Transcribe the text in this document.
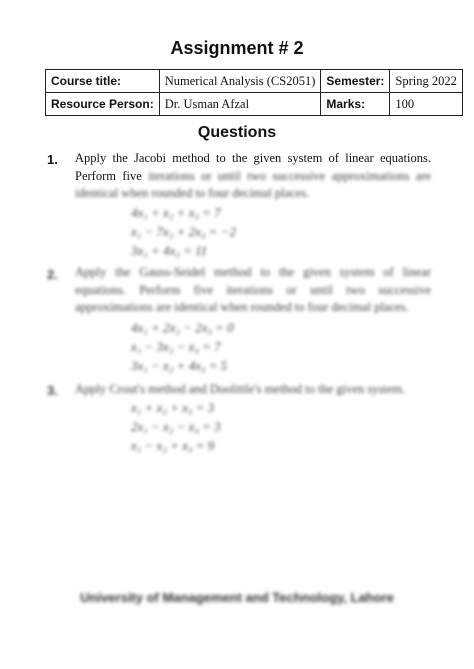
Assignment # 2
Course title:	Numerical Analysis (CS2051)	Semester:	Spring 2022
Resource Person:	Dr. Usman Afzal	Marks:	100
Questions
1. Apply the Jacobi method to the given system of linear equations. Perform five iterations or until two successive approximations are identical when rounded to four decimal places.
4x₁ + x₂ + x₃ = 7
x₁ − 7x₂ + 2x₃ = −2
3x₁ + 4x₃ = 11
2. Apply the Gauss-Seidel method to the given system of linear equations. Perform five iterations or until two successive approximations are identical when rounded to four decimal places.
4x₁ + 2x₂ − 2x₃ = 0
x₁ − 3x₂ − x₃ = 7
3x₁ − x₂ + 4x₃ = 5
3. Apply Crout's method and Doolittle's method to the given system.
x₁ + x₂ + x₃ = 3
2x₁ − x₂ − x₃ = 3
x₁ − x₂ + x₃ = 9
University of Management and Technology, Lahore
